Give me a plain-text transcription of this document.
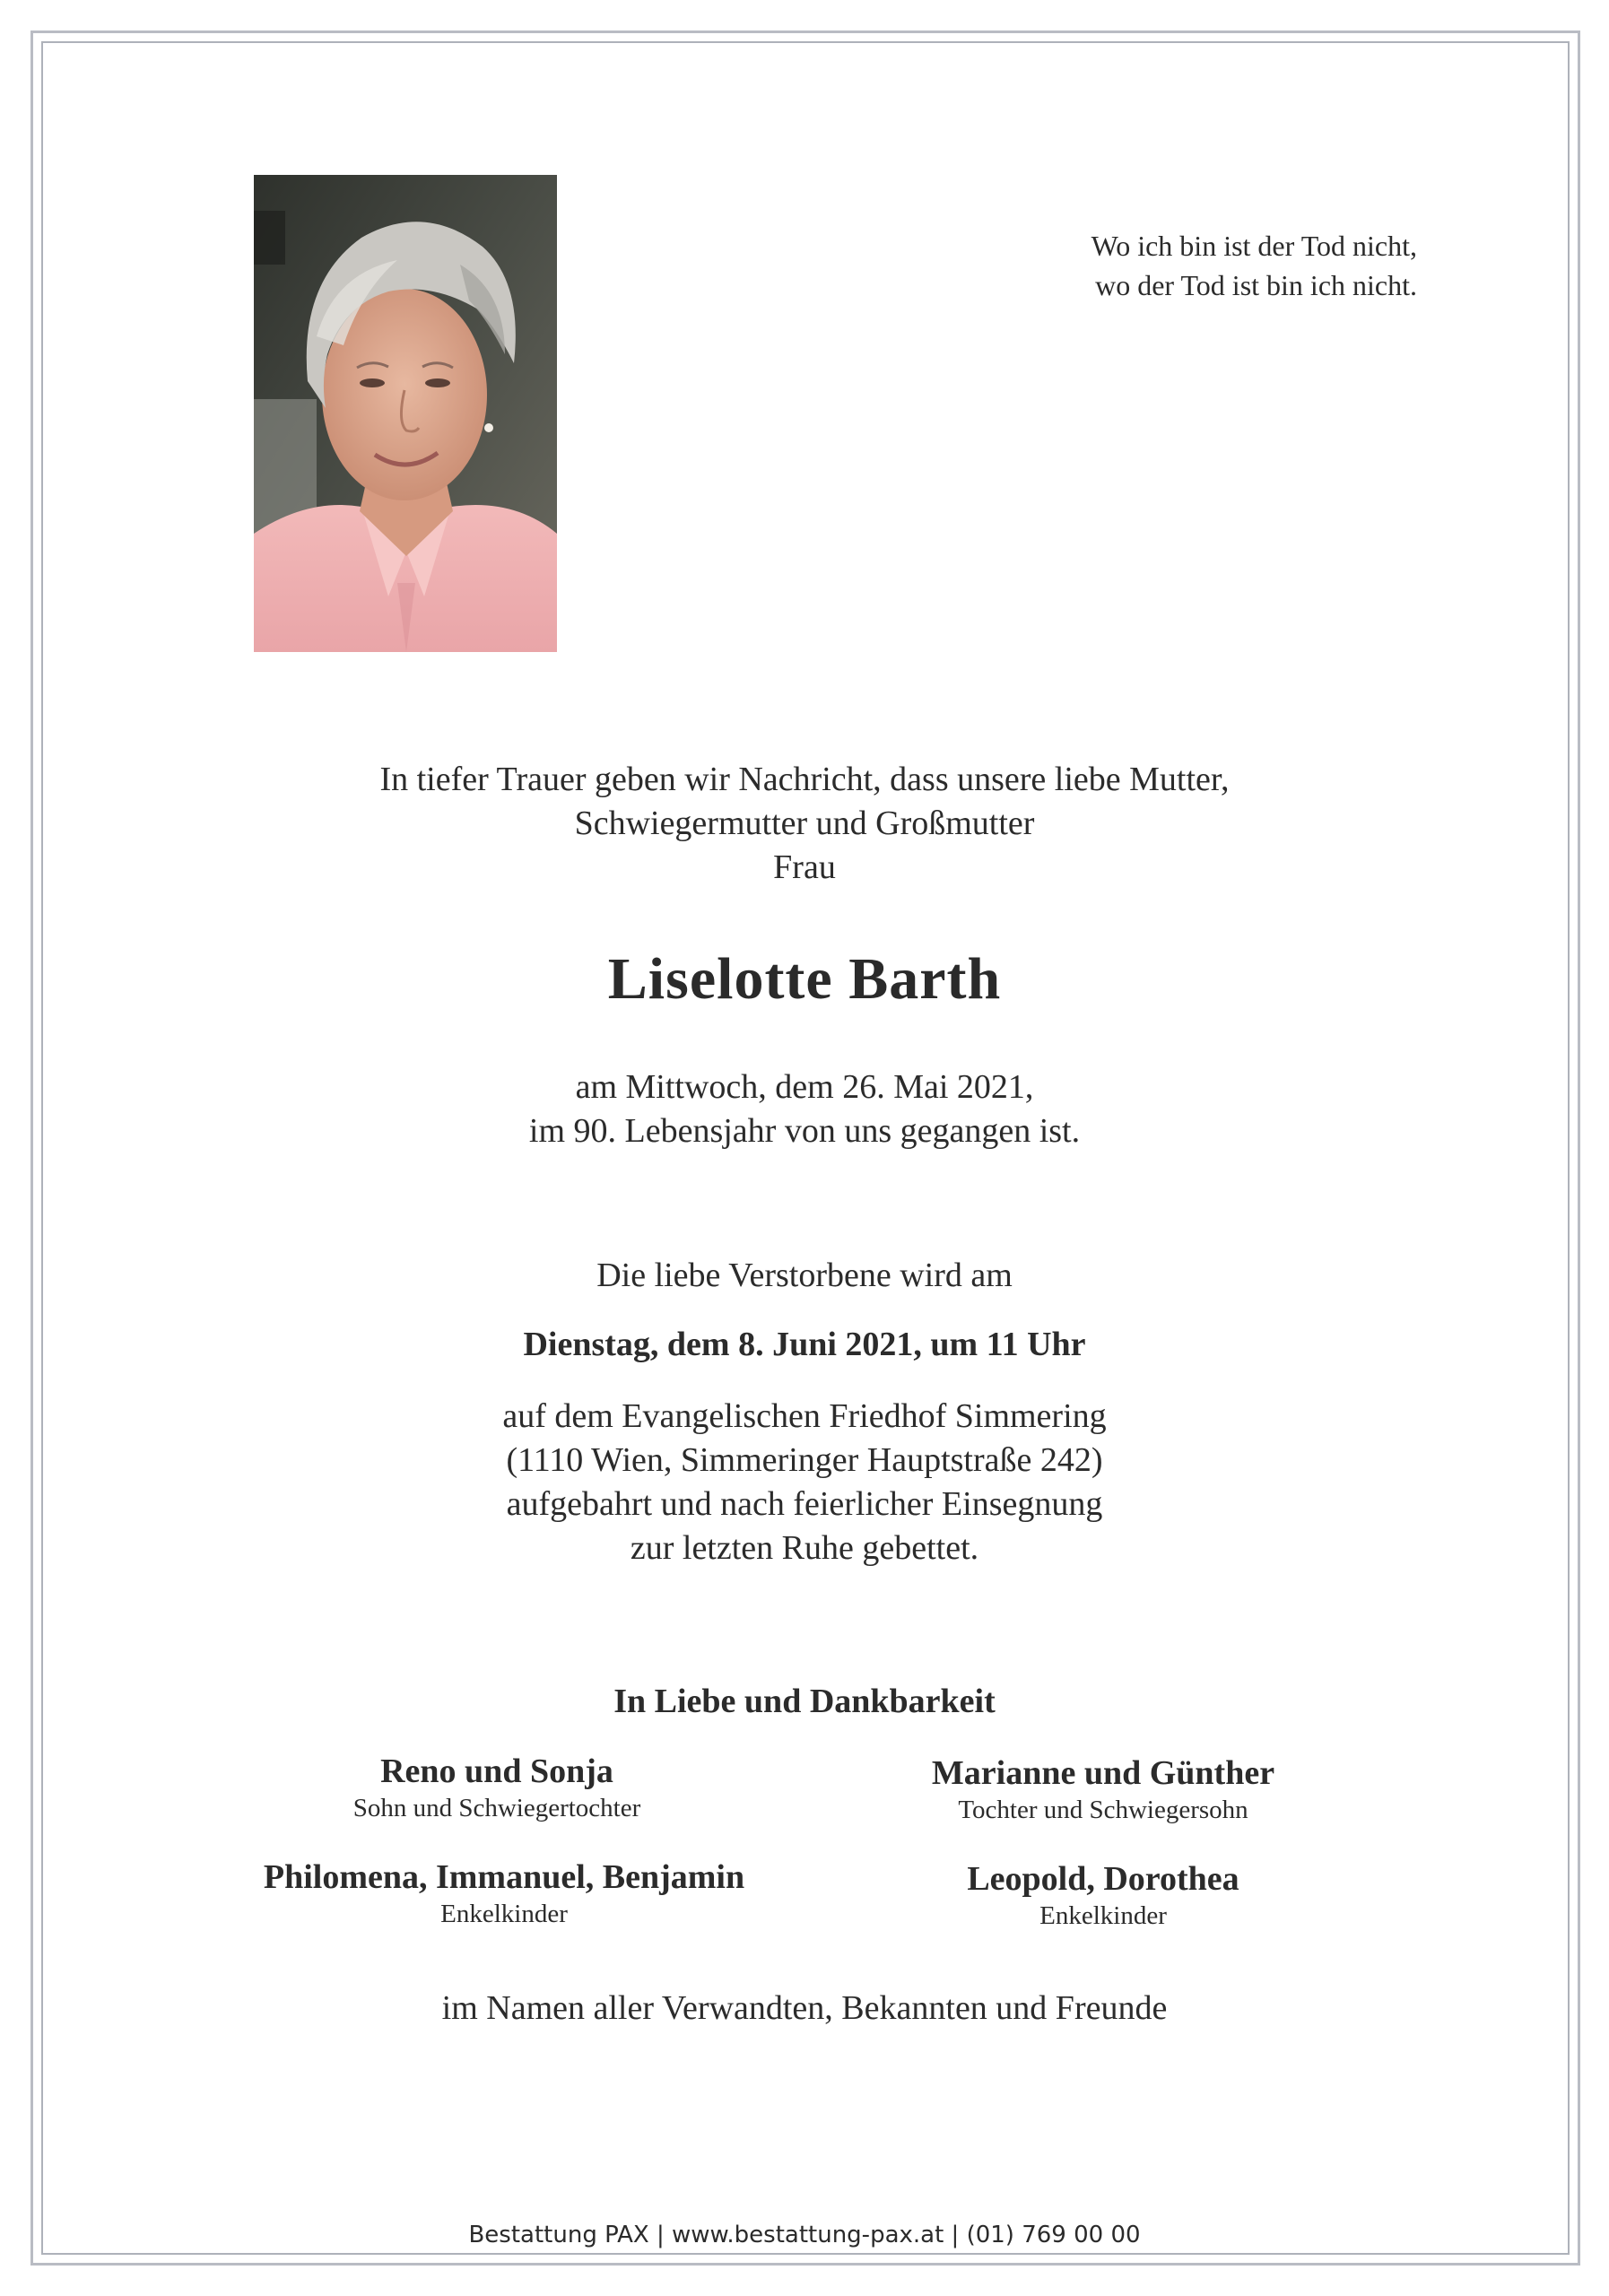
Wo ich bin ist der Tod nicht,
wo der Tod ist bin ich nicht.
In tiefer Trauer geben wir Nachricht, dass unsere liebe Mutter,
Schwiegermutter und Großmutter
Frau
Liselotte Barth
am Mittwoch, dem 26. Mai 2021,
im 90. Lebensjahr von uns gegangen ist.
Die liebe Verstorbene wird am
Dienstag, dem 8. Juni 2021, um 11 Uhr
auf dem Evangelischen Friedhof Simmering
(1110 Wien, Simmeringer Hauptstraße 242)
aufgebahrt und nach feierlicher Einsegnung
zur letzten Ruhe gebettet.
In Liebe und Dankbarkeit
Reno und Sonja
Sohn und Schwiegertochter
Marianne und Günther
Tochter und Schwiegersohn
Philomena, Immanuel, Benjamin
Enkelkinder
Leopold, Dorothea
Enkelkinder
im Namen aller Verwandten, Bekannten und Freunde
Bestattung PAX | www.bestattung-pax.at | (01) 769 00 00
